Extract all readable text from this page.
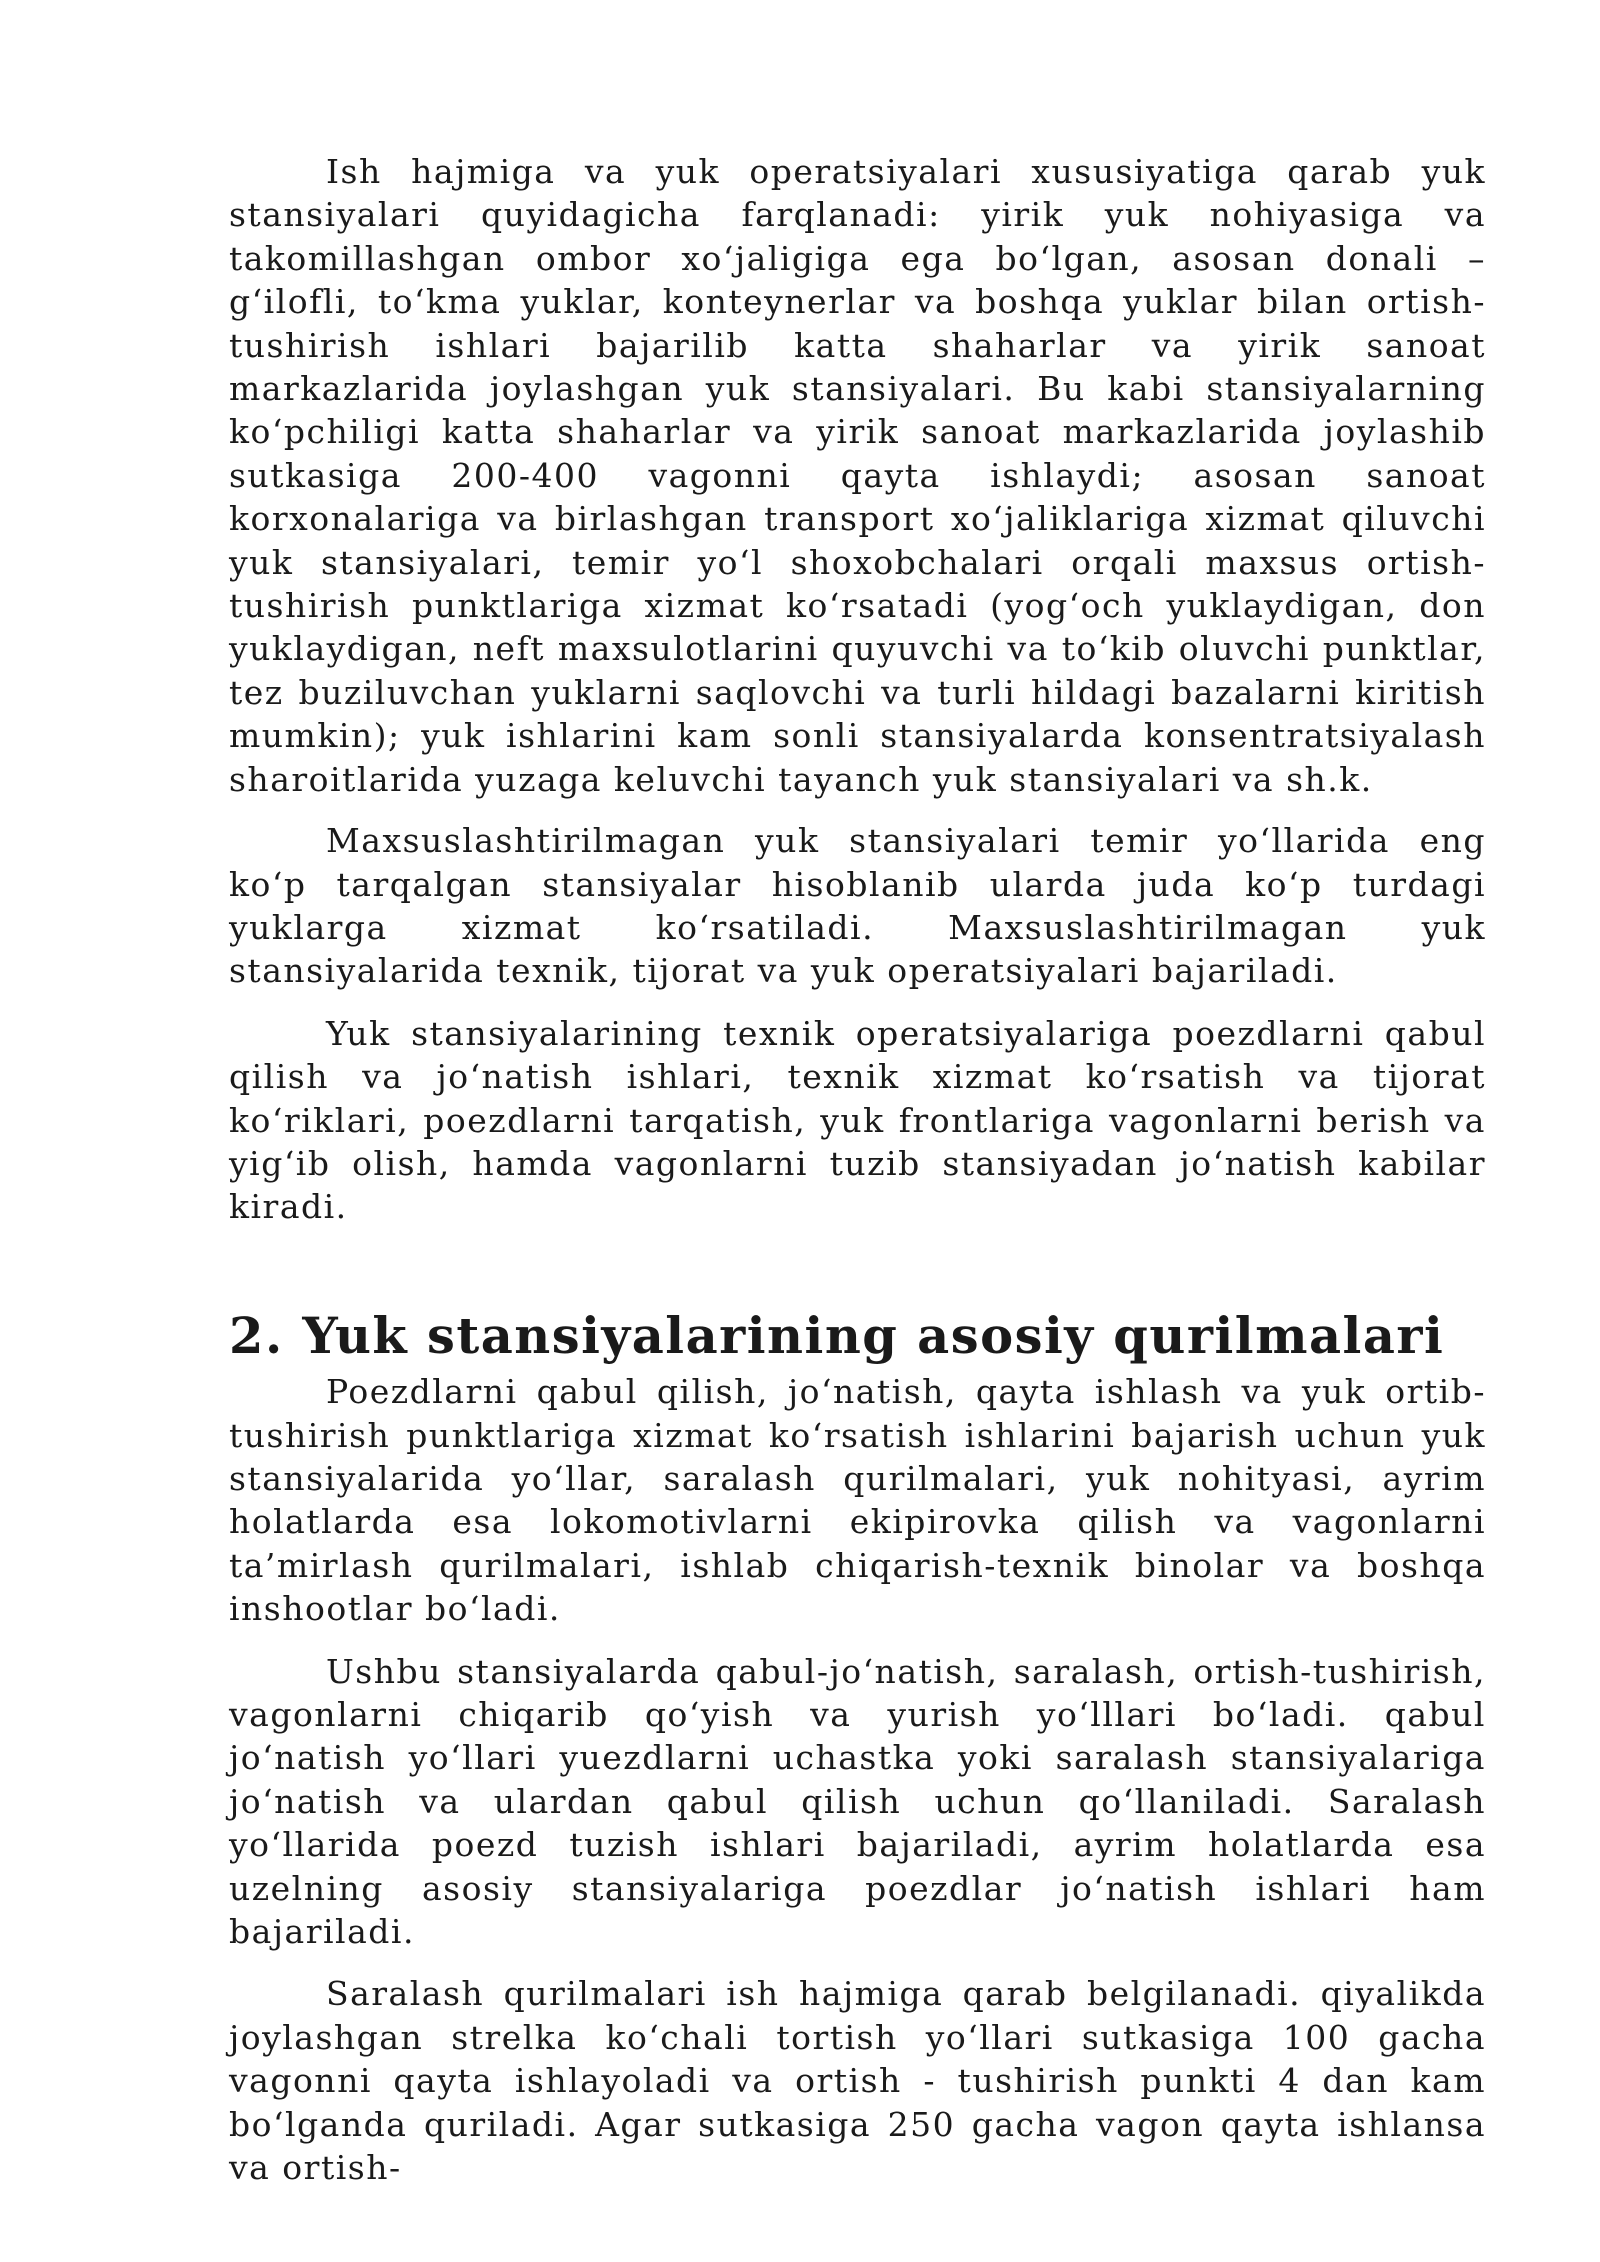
Ish hajmiga va yuk operatsiyalari xususiyatiga qarab yuk stansiyalari quyidagicha farqlanadi: yirik yuk nohiyasiga va takomillashgan ombor xo‘jaligiga ega bo‘lgan, asosan donali – g‘ilofli, to‘kma yuklar, konteynerlar va boshqa yuklar bilan ortish-tushirish ishlari bajarilib katta shaharlar va yirik sanoat markazlarida joylashgan yuk stansiyalari. Bu kabi stansiyalarning ko‘pchiligi katta shaharlar va yirik sanoat markazlarida joylashib sutkasiga 200-400 vagonni qayta ishlaydi; asosan sanoat korxonalariga va birlashgan transport xo‘jaliklariga xizmat qiluvchi yuk stansiyalari, temir yo‘l shoxobchalari orqali maxsus ortish-tushirish punktlariga xizmat ko‘rsatadi (yog‘och yuklaydigan, don yuklaydigan, neft maxsulotlarini quyuvchi va to‘kib oluvchi punktlar, tez buziluvchan yuklarni saqlovchi va turli hildagi bazalarni kiritish mumkin); yuk ishlarini kam sonli stansiyalarda konsentratsiyalash sharoitlarida yuzaga keluvchi tayanch yuk stansiyalari va sh.k.

Maxsuslashtirilmagan yuk stansiyalari temir yo‘llarida eng ko‘p tarqalgan stansiyalar hisoblanib ularda juda ko‘p turdagi yuklarga xizmat ko‘rsatiladi. Maxsuslashtirilmagan yuk stansiyalarida texnik, tijorat va yuk operatsiyalari bajariladi.

Yuk stansiyalarining texnik operatsiyalariga poezdlarni qabul qilish va jo‘natish ishlari, texnik xizmat ko‘rsatish va tijorat ko‘riklari, poezdlarni tarqatish, yuk frontlariga vagonlarni berish va yig‘ib olish, hamda vagonlarni tuzib stansiyadan jo‘natish kabilar kiradi.

2. Yuk stansiyalarining asosiy qurilmalari

Poezdlarni qabul qilish, jo‘natish, qayta ishlash va yuk ortib-tushirish punktlariga xizmat ko‘rsatish ishlarini bajarish uchun yuk stansiyalarida yo‘llar, saralash qurilmalari, yuk nohityasi, ayrim holatlarda esa lokomotivlarni ekipirovka qilish va vagonlarni ta’mirlash qurilmalari, ishlab chiqarish-texnik binolar va boshqa inshootlar bo‘ladi.

Ushbu stansiyalarda qabul-jo‘natish, saralash, ortish-tushirish, vagonlarni chiqarib qo‘yish va yurish yo‘lllari bo‘ladi. qabul jo‘natish yo‘llari yuezdlarni uchastka yoki saralash stansiyalariga jo‘natish va ulardan qabul qilish uchun qo‘llaniladi. Saralash yo‘llarida poezd tuzish ishlari bajariladi, ayrim holatlarda esa uzelning asosiy stansiyalariga poezdlar jo‘natish ishlari ham bajariladi.

Saralash qurilmalari ish hajmiga qarab belgilanadi. qiyalikda joylashgan strelka ko‘chali tortish yo‘llari sutkasiga 100 gacha vagonni qayta ishlayoladi va ortish - tushirish punkti 4 dan kam bo‘lganda quriladi. Agar sutkasiga 250 gacha vagon qayta ishlansa va ortish-
